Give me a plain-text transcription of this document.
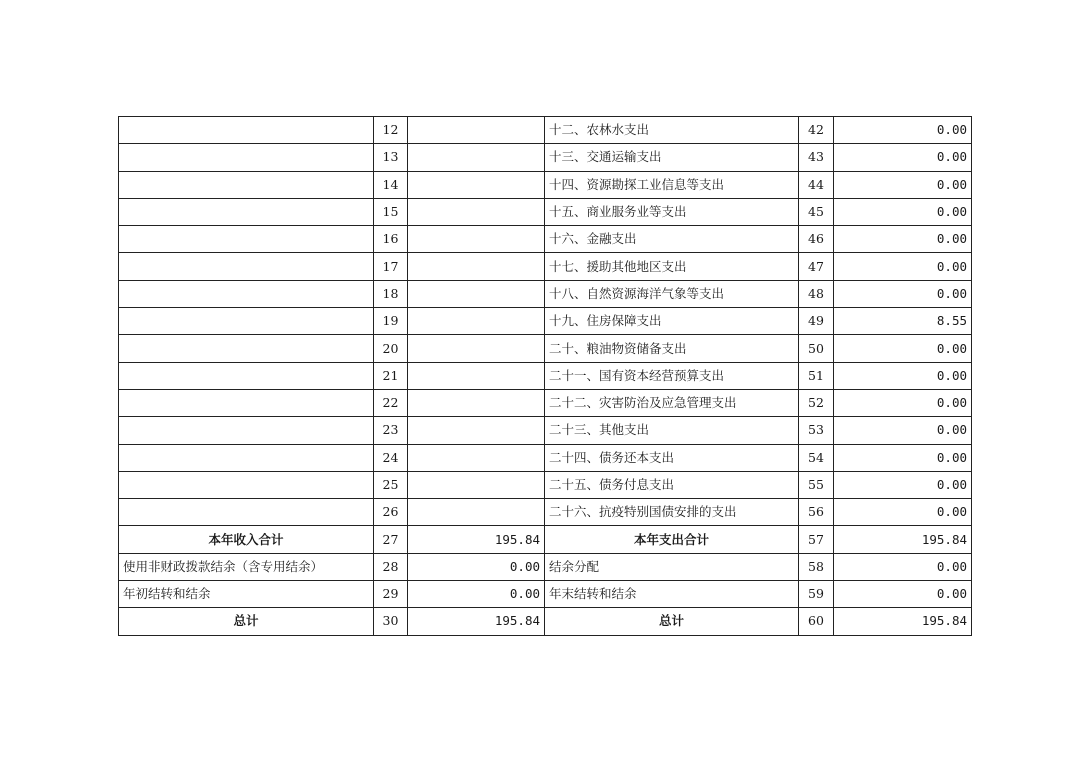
	12		十二、农林水支出	42	0.00
	13		十三、交通运输支出	43	0.00
	14		十四、资源勘探工业信息等支出	44	0.00
	15		十五、商业服务业等支出	45	0.00
	16		十六、金融支出	46	0.00
	17		十七、援助其他地区支出	47	0.00
	18		十八、自然资源海洋气象等支出	48	0.00
	19		十九、住房保障支出	49	8.55
	20		二十、粮油物资储备支出	50	0.00
	21		二十一、国有资本经营预算支出	51	0.00
	22		二十二、灾害防治及应急管理支出	52	0.00
	23		二十三、其他支出	53	0.00
	24		二十四、债务还本支出	54	0.00
	25		二十五、债务付息支出	55	0.00
	26		二十六、抗疫特别国债安排的支出	56	0.00
本年收入合计	27	195.84	本年支出合计	57	195.84
使用非财政拨款结余（含专用结余）	28	0.00	结余分配	58	0.00
年初结转和结余	29	0.00	年末结转和结余	59	0.00
总计	30	195.84	总计	60	195.84
